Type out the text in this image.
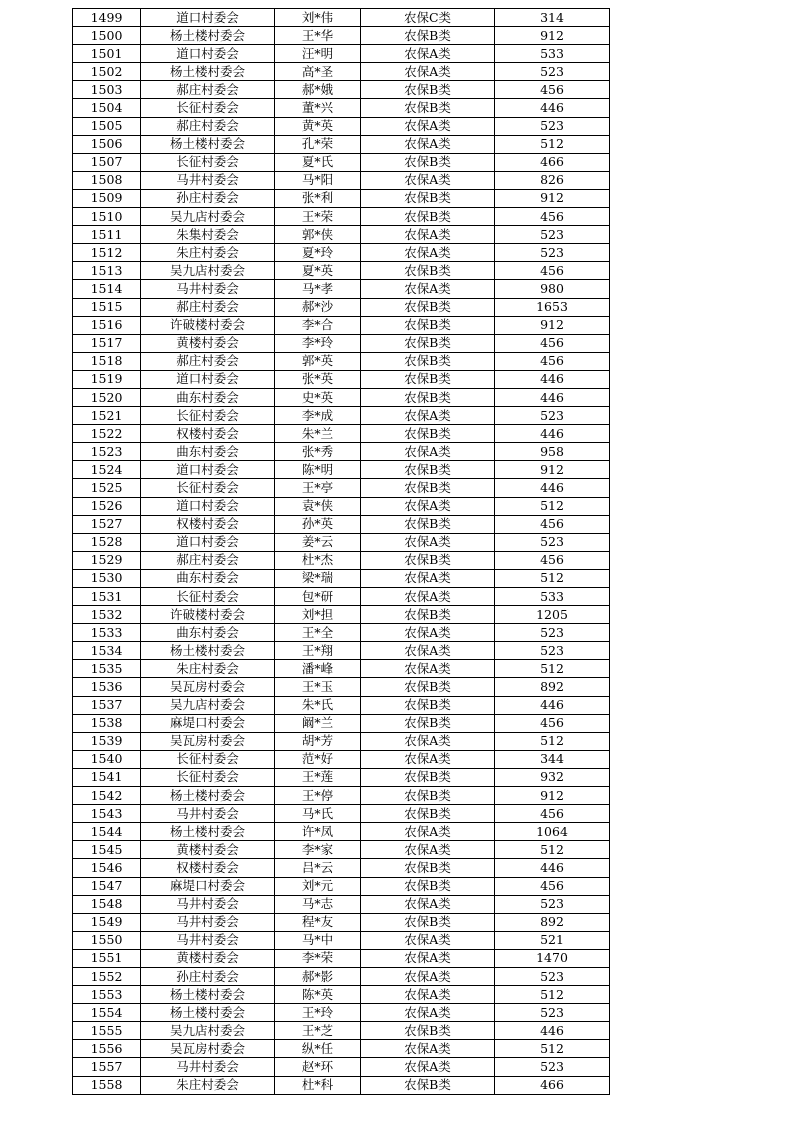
1499	道口村委会	刘*伟	农保C类	314
1500	杨土楼村委会	王*华	农保B类	912
1501	道口村委会	汪*明	农保A类	533
1502	杨土楼村委会	高*圣	农保A类	523
1503	郝庄村委会	郝*娥	农保B类	456
1504	长征村委会	董*兴	农保B类	446
1505	郝庄村委会	黄*英	农保A类	523
1506	杨土楼村委会	孔*荣	农保A类	512
1507	长征村委会	夏*氏	农保B类	466
1508	马井村委会	马*阳	农保A类	826
1509	孙庄村委会	张*利	农保B类	912
1510	吴九店村委会	王*荣	农保B类	456
1511	朱集村委会	郭*侠	农保A类	523
1512	朱庄村委会	夏*玲	农保A类	523
1513	吴九店村委会	夏*英	农保B类	456
1514	马井村委会	马*孝	农保A类	980
1515	郝庄村委会	郝*沙	农保B类	1653
1516	许破楼村委会	李*合	农保B类	912
1517	黄楼村委会	李*玲	农保B类	456
1518	郝庄村委会	郭*英	农保B类	456
1519	道口村委会	张*英	农保B类	446
1520	曲东村委会	史*英	农保B类	446
1521	长征村委会	李*成	农保A类	523
1522	权楼村委会	朱*兰	农保B类	446
1523	曲东村委会	张*秀	农保A类	958
1524	道口村委会	陈*明	农保B类	912
1525	长征村委会	王*亭	农保B类	446
1526	道口村委会	袁*侠	农保A类	512
1527	权楼村委会	孙*英	农保B类	456
1528	道口村委会	姜*云	农保A类	523
1529	郝庄村委会	杜*杰	农保B类	456
1530	曲东村委会	梁*瑞	农保A类	512
1531	长征村委会	包*研	农保A类	533
1532	许破楼村委会	刘*担	农保B类	1205
1533	曲东村委会	王*全	农保A类	523
1534	杨土楼村委会	王*翔	农保A类	523
1535	朱庄村委会	潘*峰	农保A类	512
1536	吴瓦房村委会	王*玉	农保B类	892
1537	吴九店村委会	朱*氏	农保B类	446
1538	麻堤口村委会	阚*兰	农保B类	456
1539	吴瓦房村委会	胡*芳	农保A类	512
1540	长征村委会	范*好	农保A类	344
1541	长征村委会	王*莲	农保B类	932
1542	杨土楼村委会	王*停	农保B类	912
1543	马井村委会	马*氏	农保B类	456
1544	杨土楼村委会	许*凤	农保A类	1064
1545	黄楼村委会	李*家	农保A类	512
1546	权楼村委会	吕*云	农保B类	446
1547	麻堤口村委会	刘*元	农保B类	456
1548	马井村委会	马*志	农保A类	523
1549	马井村委会	程*友	农保B类	892
1550	马井村委会	马*中	农保A类	521
1551	黄楼村委会	李*荣	农保A类	1470
1552	孙庄村委会	郝*影	农保A类	523
1553	杨土楼村委会	陈*英	农保A类	512
1554	杨土楼村委会	王*玲	农保A类	523
1555	吴九店村委会	王*芝	农保B类	446
1556	吴瓦房村委会	纵*任	农保A类	512
1557	马井村委会	赵*环	农保A类	523
1558	朱庄村委会	杜*科	农保B类	466
